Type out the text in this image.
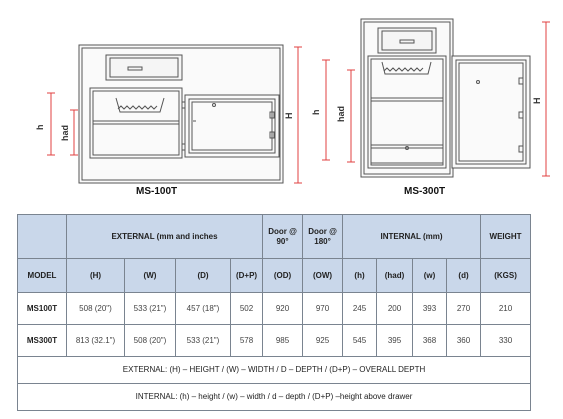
h had
H
h had
H
MS-100T	MS-300T
	EXTERNAL (mm and inches				Door @ 90°	Door @ 180°	INTERNAL (mm)				WEIGHT
MODEL	(H)	(W)	(D)	(D+P)	(OD)	(OW)	(h)	(had)	(w)	(d)	(KGS)
MS100T	508 (20")	533 (21")	457 (18")	502	920	970	245	200	393	270	210
MS300T	813 (32.1")	508 (20")	533 (21")	578	985	925	545	395	368	360	330
EXTERNAL: (H) – HEIGHT / (W) – WIDTH / D – DEPTH / (D+P) – OVERALL DEPTH											
INTERNAL: (h) – height / (w) – width / d – depth / (D+P) –height above drawer											
